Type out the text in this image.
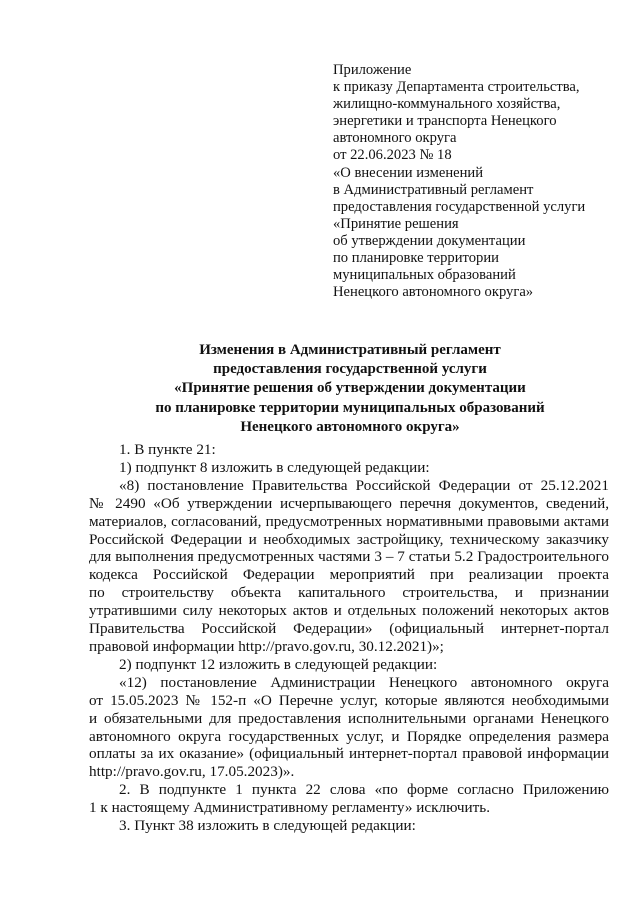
Приложение
к приказу Департамента строительства,
жилищно-коммунального хозяйства,
энергетики и транспорта Ненецкого
автономного округа
от 22.06.2023 № 18
«О внесении изменений
в Административный регламент
предоставления государственной услуги
«Принятие решения
об утверждении документации
по планировке территории
муниципальных образований
Ненецкого автономного округа»
Изменения в Административный регламент
предоставления государственной услуги
«Принятие решения об утверждении документации
по планировке территории муниципальных образований
Ненецкого автономного округа»

1. В пункте 21:

1) подпункт 8 изложить в следующей редакции:

«8) постановление Правительства Российской Федерации от 25.12.2021
№ 2490 «Об утверждении исчерпывающего перечня документов, сведений,
материалов, согласований, предусмотренных нормативными правовыми актами
Российской Федерации и необходимых застройщику, техническому заказчику
для выполнения предусмотренных частями 3 – 7 статьи 5.2 Градостроительного
кодекса Российской Федерации мероприятий при реализации проекта
по строительству объекта капитального строительства, и признании
утратившими силу некоторых актов и отдельных положений некоторых актов
Правительства Российской Федерации» (официальный интернет-портал
правовой информации http://pravo.gov.ru, 30.12.2021)»;

2) подпункт 12 изложить в следующей редакции:

«12) постановление Администрации Ненецкого автономного округа
от 15.05.2023 № 152-п «О Перечне услуг, которые являются необходимыми
и обязательными для предоставления исполнительными органами Ненецкого
автономного округа государственных услуг, и Порядке определения размера
оплаты за их оказание» (официальный интернет-портал правовой информации
http://pravo.gov.ru, 17.05.2023)».
2. В подпункте 1 пункта 22 слова «по форме согласно Приложению
1 к настоящему Административному регламенту» исключить.

3. Пункт 38 изложить в следующей редакции:
